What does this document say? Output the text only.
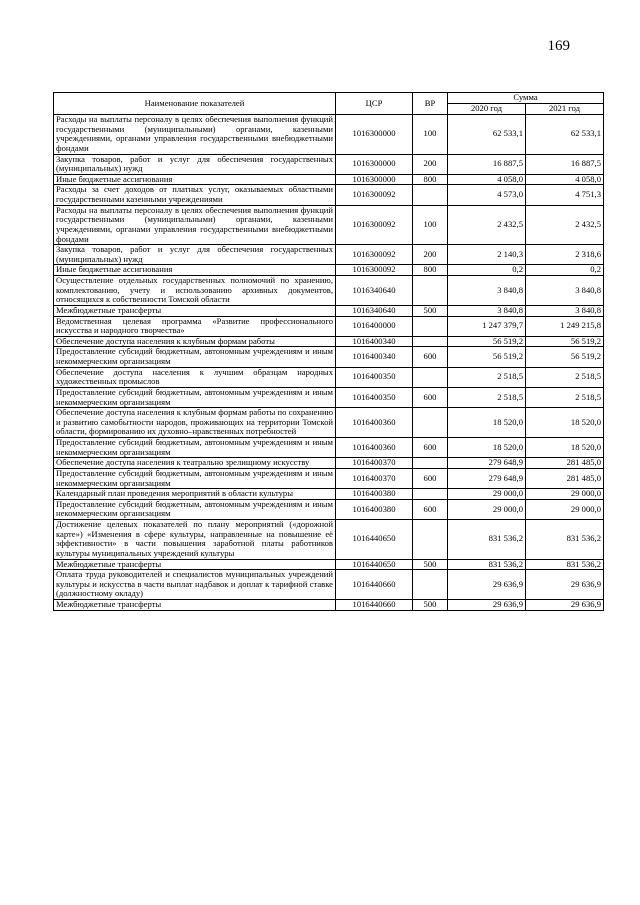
169
Наименование показателей	ЦСР	ВР	Сумма	
			2020 год	2021 год
Расходы на выплаты персоналу в целях обеспечения выполнения функций государственными (муниципальными) органами, казенными учреждениями, органами управления государственными внебюджетными фондами	1016300000	100	62 533,1	62 533,1
Закупка товаров, работ и услуг для обеспечения государственных (муниципальных) нужд	1016300000	200	16 887,5	16 887,5
Иные бюджетные ассигнования	1016300000	800	4 058,0	4 058,0
Расходы за счет доходов от платных услуг, оказываемых областными государственными казенными учреждениями	1016300092		4 573,0	4 751,3
Расходы на выплаты персоналу в целях обеспечения выполнения функций государственными (муниципальными) органами, казенными учреждениями, органами управления государственными внебюджетными фондами	1016300092	100	2 432,5	2 432,5
Закупка товаров, работ и услуг для обеспечения государственных (муниципальных) нужд	1016300092	200	2 140,3	2 318,6
Иные бюджетные ассигнования	1016300092	800	0,2	0,2
Осуществление отдельных государственных полномочий по хранению, комплектованию, учету и использованию архивных документов, относящихся к собственности Томской области	1016340640		3 840,8	3 840,8
Межбюджетные трансферты	1016340640	500	3 840,8	3 840,8
Ведомственная целевая программа «Развитие профессионального искусства и народного творчества»	1016400000		1 247 379,7	1 249 215,8
Обеспечение доступа населения к клубным формам работы	1016400340		56 519,2	56 519,2
Предоставление субсидий бюджетным, автономным учреждениям и иным некоммерческим организациям	1016400340	600	56 519,2	56 519,2
Обеспечение доступа населения к лучшим образцам народных художественных промыслов	1016400350		2 518,5	2 518,5
Предоставление субсидий бюджетным, автономным учреждениям и иным некоммерческим организациям	1016400350	600	2 518,5	2 518,5
Обеспечение доступа населения к клубным формам работы по сохранению и развитию самобытности народов, проживающих на территории Томской области, формированию их духовно–нравственных потребностей	1016400360		18 520,0	18 520,0
Предоставление субсидий бюджетным, автономным учреждениям и иным некоммерческим организациям	1016400360	600	18 520,0	18 520,0
Обеспечение доступа населения к театрально зрелищному искусству	1016400370		279 648,9	281 485,0
Предоставление субсидий бюджетным, автономным учреждениям и иным некоммерческим организациям	1016400370	600	279 648,9	281 485,0
Календарный план проведения мероприятий в области культуры	1016400380		29 000,0	29 000,0
Предоставление субсидий бюджетным, автономным учреждениям и иным некоммерческим организациям	1016400380	600	29 000,0	29 000,0
Достижение целевых показателей по плану мероприятий («дорожной карте») «Изменения в сфере культуры, направленные на повышение её эффективности» в части повышения заработной платы работников культуры муниципальных учреждений культуры	1016440650		831 536,2	831 536,2
Межбюджетные трансферты	1016440650	500	831 536,2	831 536,2
Оплата труда руководителей и специалистов муниципальных учреждений культуры и искусства в части выплат надбавок и доплат к тарифной ставке (должностному окладу)	1016440660		29 636,9	29 636,9
Межбюджетные трансферты	1016440660	500	29 636,9	29 636,9
